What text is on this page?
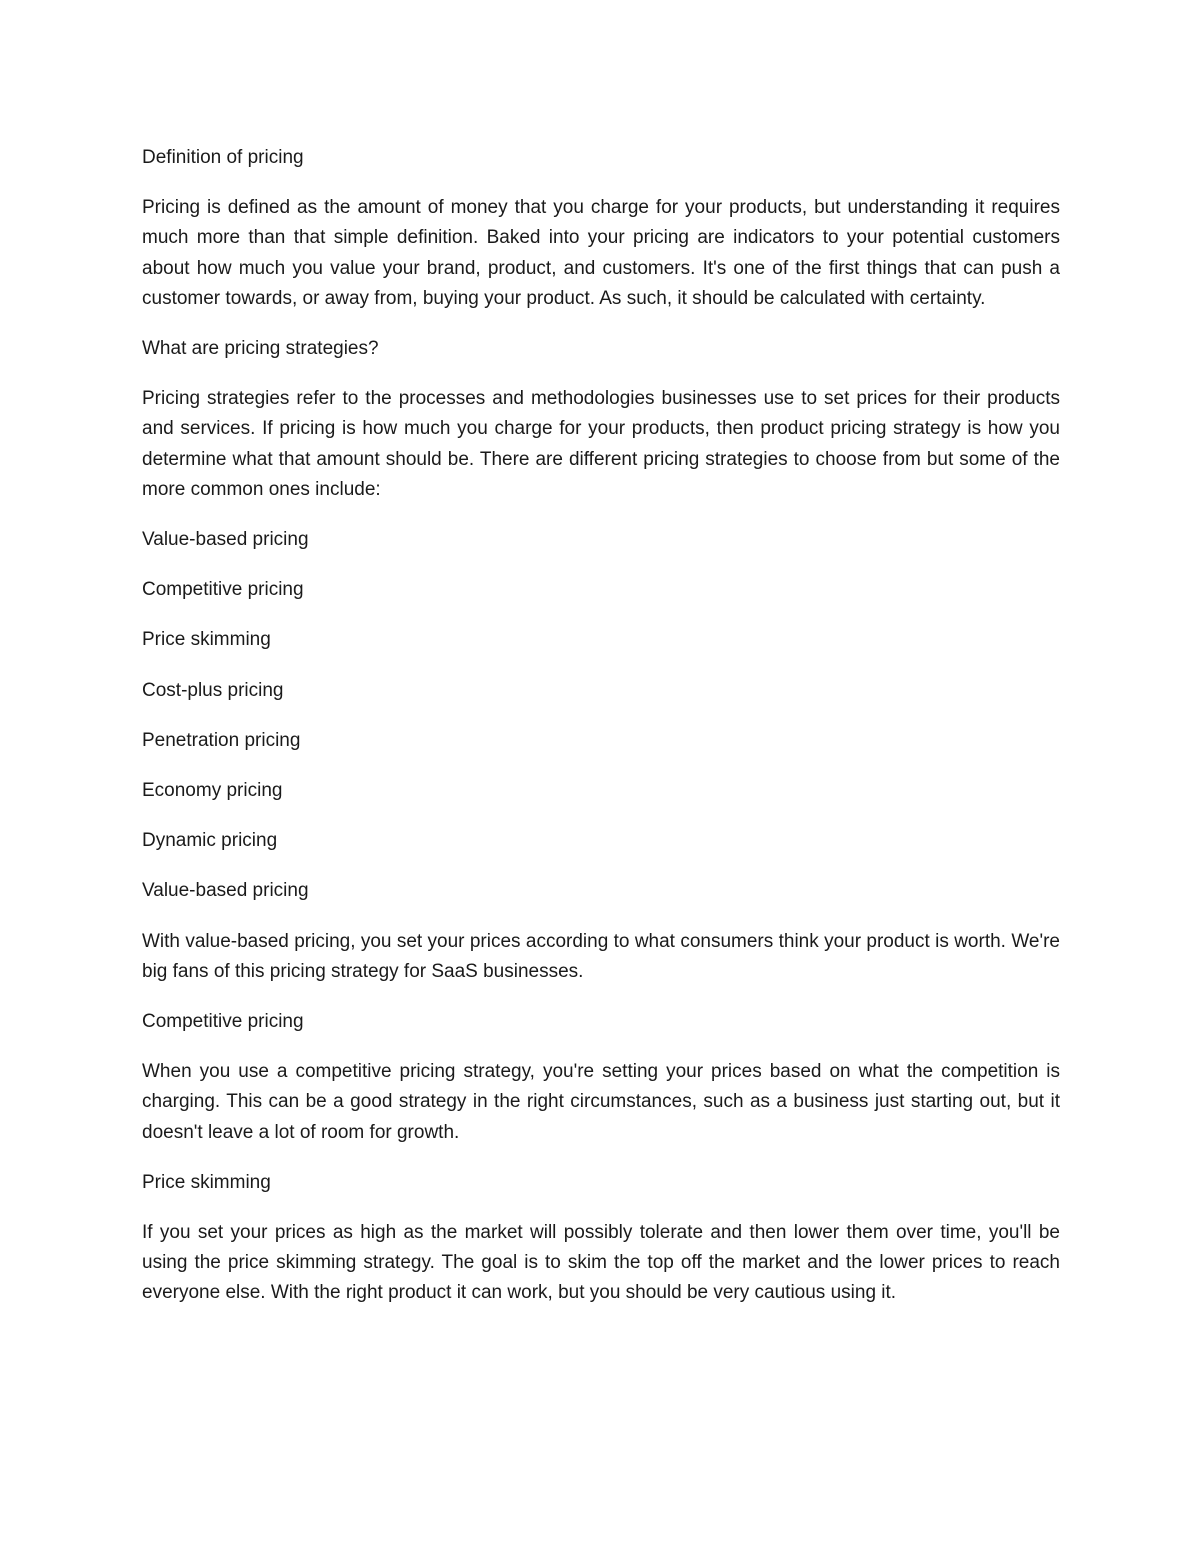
Definition of pricing

Pricing is defined as the amount of money that you charge for your products, but understanding it requires much more than that simple definition. Baked into your pricing are indicators to your potential customers about how much you value your brand, product, and customers. It's one of the first things that can push a customer towards, or away from, buying your product. As such, it should be calculated with certainty.

What are pricing strategies?

Pricing strategies refer to the processes and methodologies businesses use to set prices for their products and services. If pricing is how much you charge for your products, then product pricing strategy is how you determine what that amount should be. There are different pricing strategies to choose from but some of the more common ones include:

Value-based pricing

Competitive pricing

Price skimming

Cost-plus pricing

Penetration pricing

Economy pricing

Dynamic pricing

Value-based pricing

With value-based pricing, you set your prices according to what consumers think your product is worth. We're big fans of this pricing strategy for SaaS businesses.

Competitive pricing

When you use a competitive pricing strategy, you're setting your prices based on what the competition is charging. This can be a good strategy in the right circumstances, such as a business just starting out, but it doesn't leave a lot of room for growth.

Price skimming

If you set your prices as high as the market will possibly tolerate and then lower them over time, you'll be using the price skimming strategy. The goal is to skim the top off the market and the lower prices to reach everyone else. With the right product it can work, but you should be very cautious using it.
